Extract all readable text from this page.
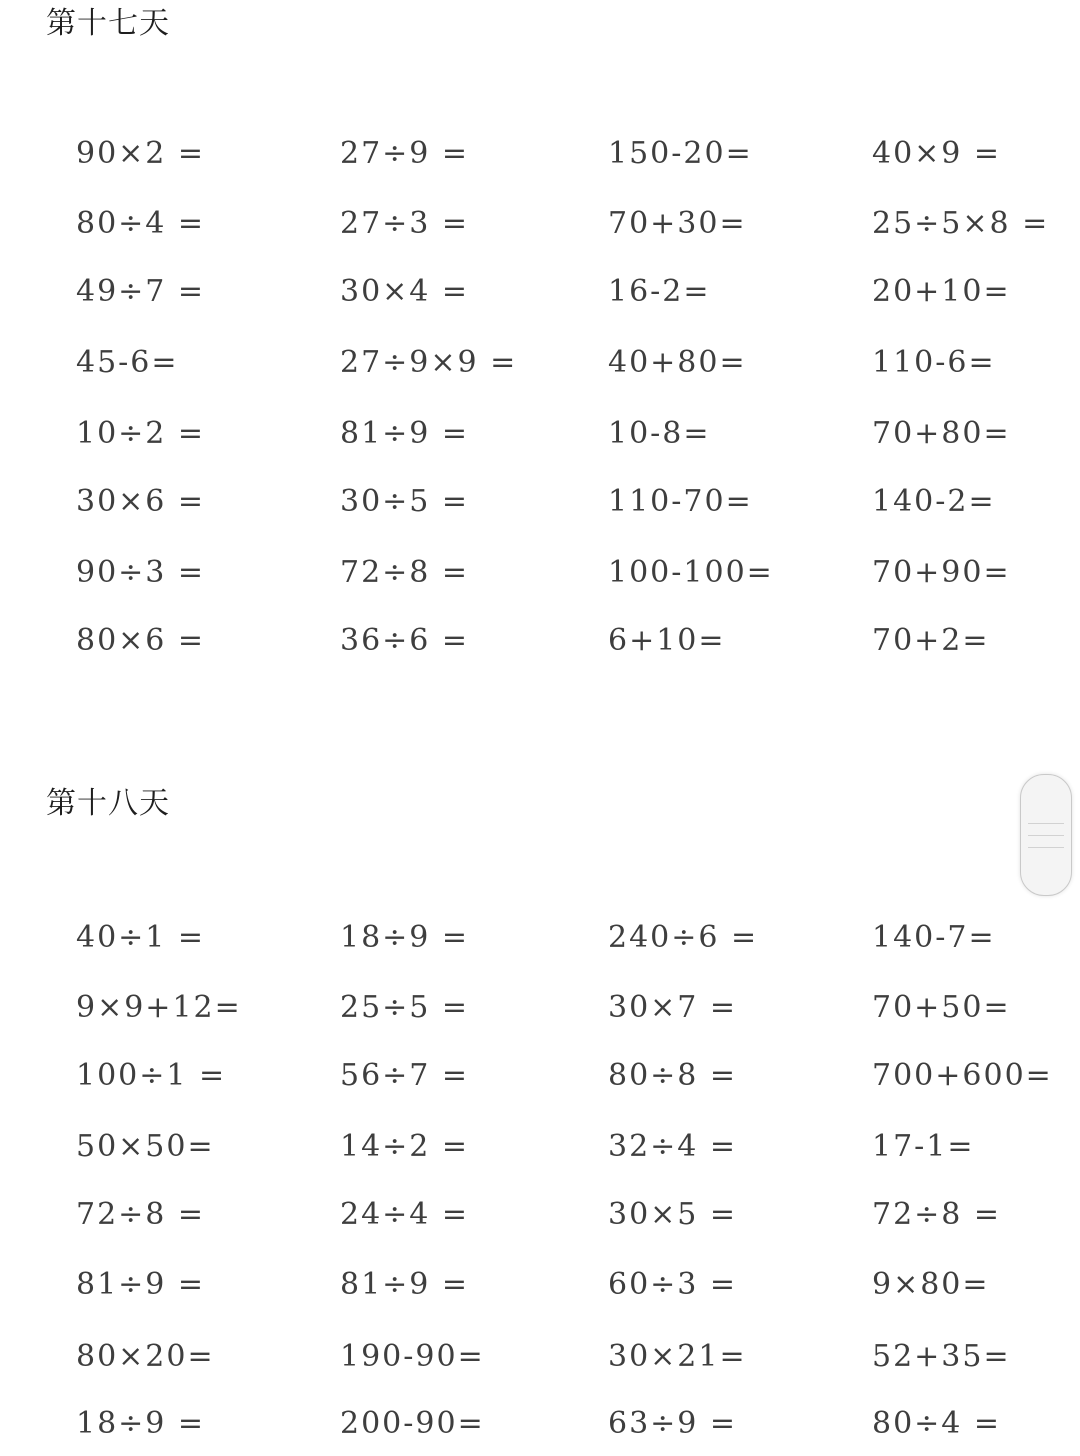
第十七天
90×2 =	27÷9 =	150-20=	40×9 =
80÷4 =	27÷3 =	70+30=	25÷5×8 =
49÷7 =	30×4 =	16-2=	20+10=
45-6=	27÷9×9 =	40+80=	110-6=
10÷2 =	81÷9 =	10-8=	70+80=
30×6 =	30÷5 =	110-70=	140-2=
90÷3 =	72÷8 =	100-100=	70+90=
80×6 =	36÷6 =	6+10=	70+2=
第十八天
40÷1 =	18÷9 =	240÷6 =	140-7=
9×9+12=	25÷5 =	30×7 =	70+50=
100÷1 =	56÷7 =	80÷8 =	700+600=
50×50=	14÷2 =	32÷4 =	17-1=
72÷8 =	24÷4 =	30×5 =	72÷8 =
81÷9 =	81÷9 =	60÷3 =	9×80=
80×20=	190-90=	30×21=	52+35=
18÷9 =	200-90=	63÷9 =	80÷4 =
